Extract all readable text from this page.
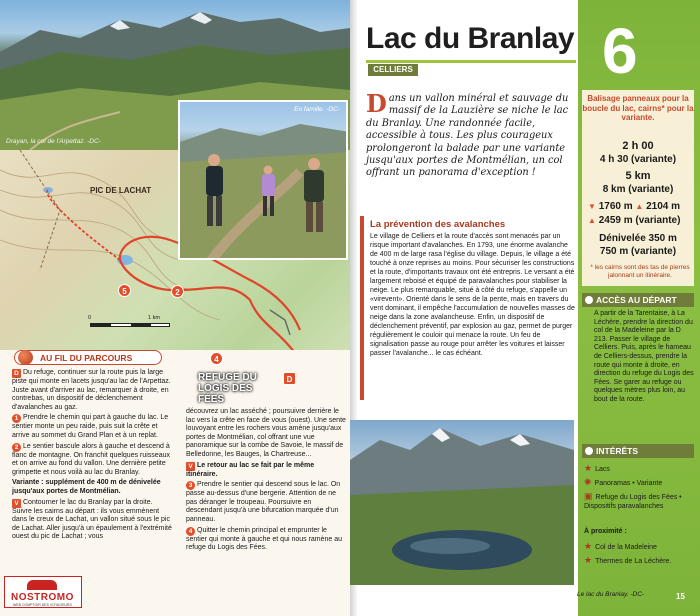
Drayan, la col de l'Arpettaz. -DC-
PIC DE LACHAT
0	1 km
En famille. -DC-
D
4
2
5
REFUGE DU LOGIS DES FÉES
AU FIL DU PARCOURS

D Du refuge, continuer sur la route puis la large piste qui monte en lacets jusqu'au lac de l'Arpettaz. Juste avant d'arriver au lac, remarquer à droite, en contrebas, un dispositif de déclenchement d'avalanches au gaz.

1 Prendre le chemin qui part à gauche du lac. Le sentier monte un peu raide, puis suit la crête et arrive au sommet du Grand Plan et à un replat.

2 Le sentier bascule alors à gauche et descend à flanc de montagne. On franchit quelques ruisseaux et on arrive au fond du vallon. Une dernière petite grimpette et nous voilà au lac du Branlay.

Variante : supplément de 400 m de dénivelée jusqu'aux portes de Montmélian.

V Contourner le lac du Branlay par la droite. Suivre les cairns au départ : ils vous emmènent dans le creux de Lachat, un vallon situé sous le pic de Lachat. Aller jusqu'à un épaulement à l'extrémité ouest du pic de Lachat ; vous

découvrez un lac asséché ; poursuivre derrière le lac vers la crête en face de vous (ouest). Une sente louvoyant entre les rochers vous amène jusqu'aux portes de Montmélian, col offrant une vue panoramique sur la combe de Savoie, le massif de Belledonne, les Bauges, la Chartreuse...

V Le retour au lac se fait par le même itinéraire.

3 Prendre le sentier qui descend sous le lac. On passe au-dessus d'une bergerie. Attention de ne pas déranger le troupeau. Poursuivre en descendant jusqu'à une bifurcation marquée d'un panneau.

4 Quitter le chemin principal et emprunter le sentier qui monte à gauche et qui nous ramène au refuge du Logis des Fées.

NOSTROMO
WEB COMPTOIR DES VOYAGEURS
6
Lac du Branlay
CELLIERS
Dans un vallon minéral et sauvage du massif de la Lauzière se niche le lac du Branlay. Une randonnée facile, accessible à tous. Les plus courageux prolongeront la balade par une variante jusqu'aux portes de Montmélian, un col offrant un panorama d'exception !
La prévention des avalanches
Le village de Celliers et la route d'accès sont menacés par un risque important d'avalanches. En 1793, une énorme avalanche de 400 m de large rasa l'église du village. Depuis, le village a été touché à onze reprises au moins. Pour sécuriser les constructions et la route, d'importants travaux ont été entrepris. Le versant a été largement reboisé et équipé de paravalanches pour stabiliser la neige. Le plus remarquable, situé à côté du refuge, s'appelle un «virevent». Orienté dans le sens de la pente, mais en travers du vent dominant, il empêche l'accumulation de nouvelles masses de neige dans la zone avalancheuse. Enfin, un dispositif de déclenchement préventif, par explosion au gaz, permet de purger régulièrement le couloir qui menace la route. Un feu de signalisation passe au rouge pour arrêter les voitures et laisser passer l'avalanche... le cas échéant.
Le lac du Branlay. -DC-
Balisage panneaux pour la boucle du lac, cairns* pour la variante.
2 h 00
4 h 30 (variante)
5 km
8 km (variante)
▼ 1760 m ▲ 2104 m
▲ 2459 m (variante)
Dénivelée 350 m
750 m (variante)
* les cairns sont des tas de pierres jalonnant un itinéraire.
ACCÈS AU DÉPART
A partir de la Tarentaise, à La Léchère, prendre la direction du col de la Madeleine par la D 213. Passer le village de Celliers. Puis, après le hameau de Celliers-dessus, prendre la route qui monte à droite, en direction du refuge du Logis des Fées. Se garer au refuge ou quelques mètres plus loin, au bout de la route.
INTÉRÊTS
★ Lacs
✺ Panoramas • Variante
▣ Refuge du Logis des Fées • Dispositifs paravalanches
À proximité :
★ Col de la Madeleine
★ Thermes de La Léchère.
15
